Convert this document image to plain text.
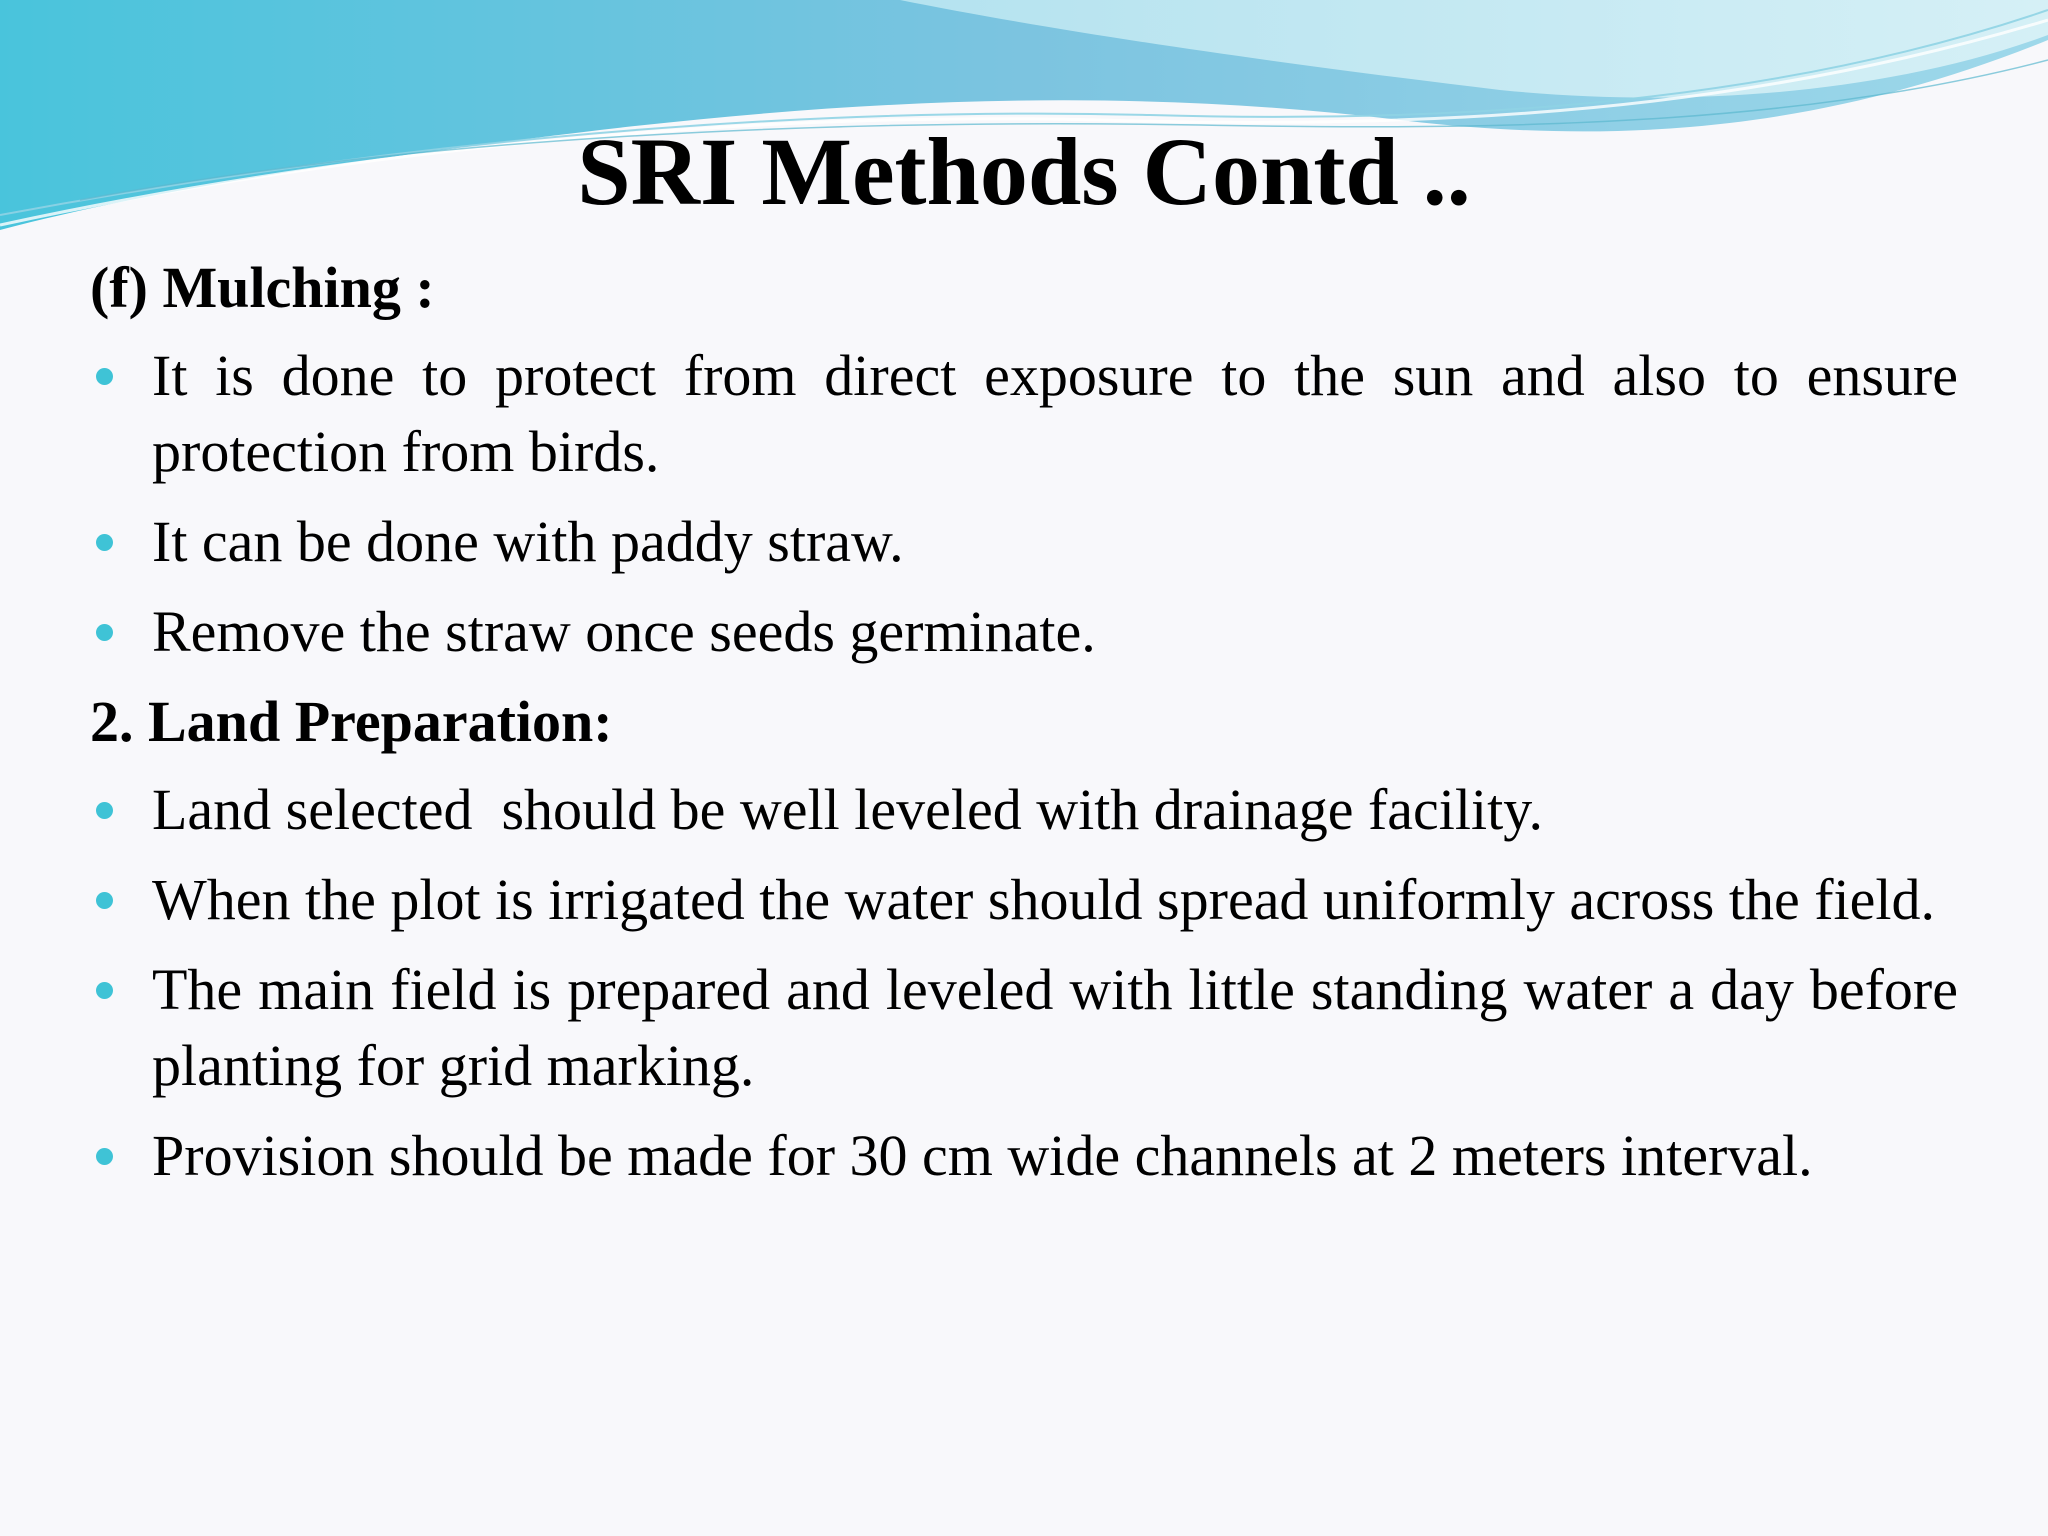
SRI Methods Contd ..
(f) Mulching :
It is done to protect from direct exposure to the sun and also to ensure protection from birds.
It can be done with paddy straw.
Remove the straw once seeds germinate.
2. Land Preparation:
Land selected  should be well leveled with drainage facility.
When the plot is irrigated the water should spread uniformly across the field.
The main field is prepared and leveled with little standing water a day before planting for grid marking.
Provision should be made for 30 cm wide channels at 2 meters interval.
